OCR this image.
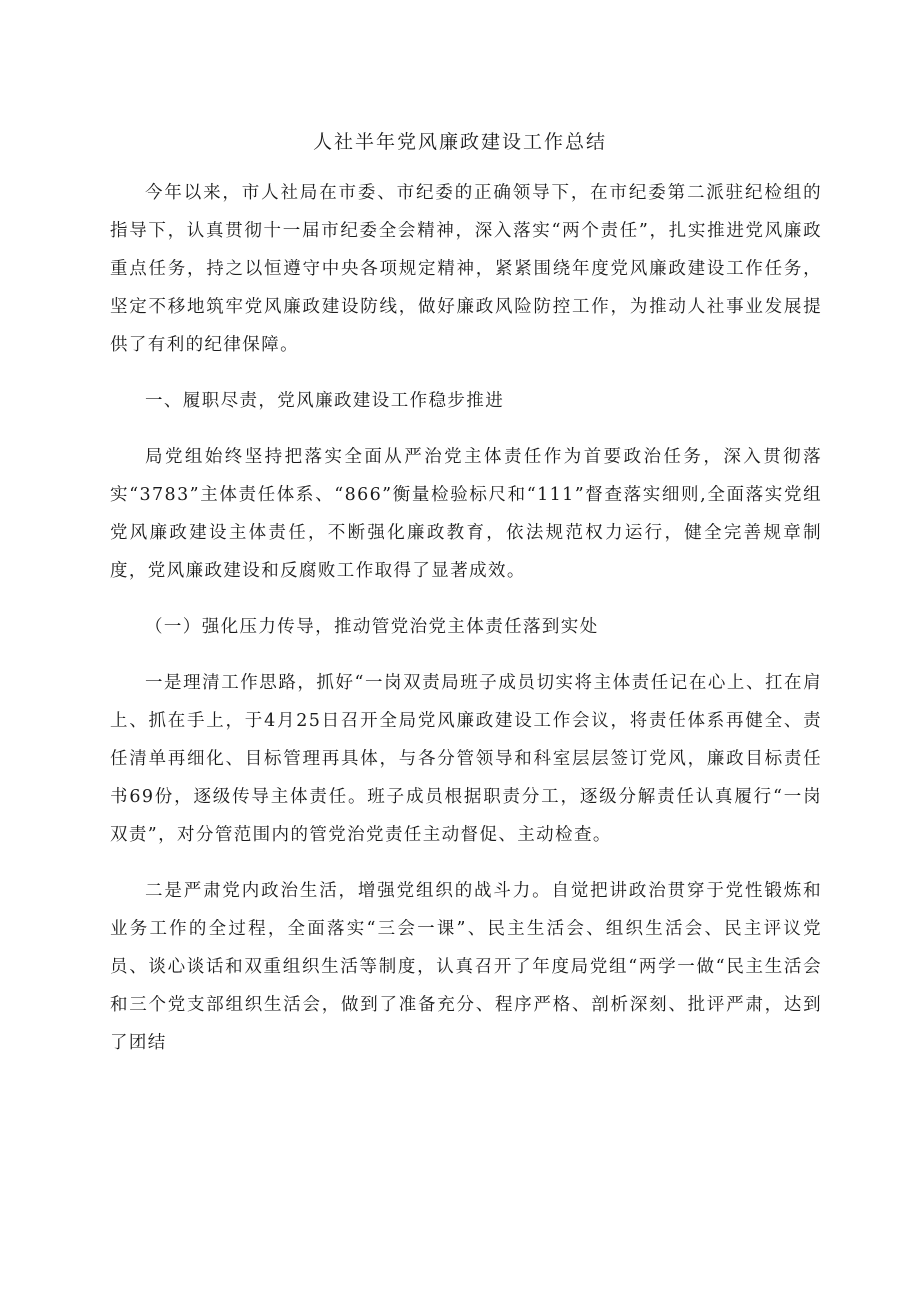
人社半年党风廉政建设工作总结

今年以来，市人社局在市委、市纪委的正确领导下，在市纪委第二派驻纪检组的指导下，认真贯彻十一届市纪委全会精神，深入落实“两个责任”，扎实推进党风廉政重点任务，持之以恒遵守中央各项规定精神，紧紧围绕年度党风廉政建设工作任务，坚定不移地筑牢党风廉政建设防线，做好廉政风险防控工作，为推动人社事业发展提供了有利的纪律保障。

一、履职尽责，党风廉政建设工作稳步推进

局党组始终坚持把落实全面从严治党主体责任作为首要政治任务，深入贯彻落实“3783”主体责任体系、“866”衡量检验标尺和“111”督查落实细则,全面落实党组党风廉政建设主体责任，不断强化廉政教育，依法规范权力运行，健全完善规章制度，党风廉政建设和反腐败工作取得了显著成效。

（一）强化压力传导，推动管党治党主体责任落到实处

一是理清工作思路，抓好“一岗双责局班子成员切实将主体责任记在心上、扛在肩上、抓在手上，于4月25日召开全局党风廉政建设工作会议，将责任体系再健全、责任清单再细化、目标管理再具体，与各分管领导和科室层层签订党风，廉政目标责任书69份，逐级传导主体责任。班子成员根据职责分工，逐级分解责任认真履行“一岗双责”，对分管范围内的管党治党责任主动督促、主动检查。

二是严肃党内政治生活，增强党组织的战斗力。自觉把讲政治贯穿于党性锻炼和业务工作的全过程，全面落实“三会一课”、民主生活会、组织生活会、民主评议党员、谈心谈话和双重组织生活等制度，认真召开了年度局党组“两学一做“民主生活会和三个党支部组织生活会，做到了准备充分、程序严格、剖析深刻、批评严肃，达到了团结
